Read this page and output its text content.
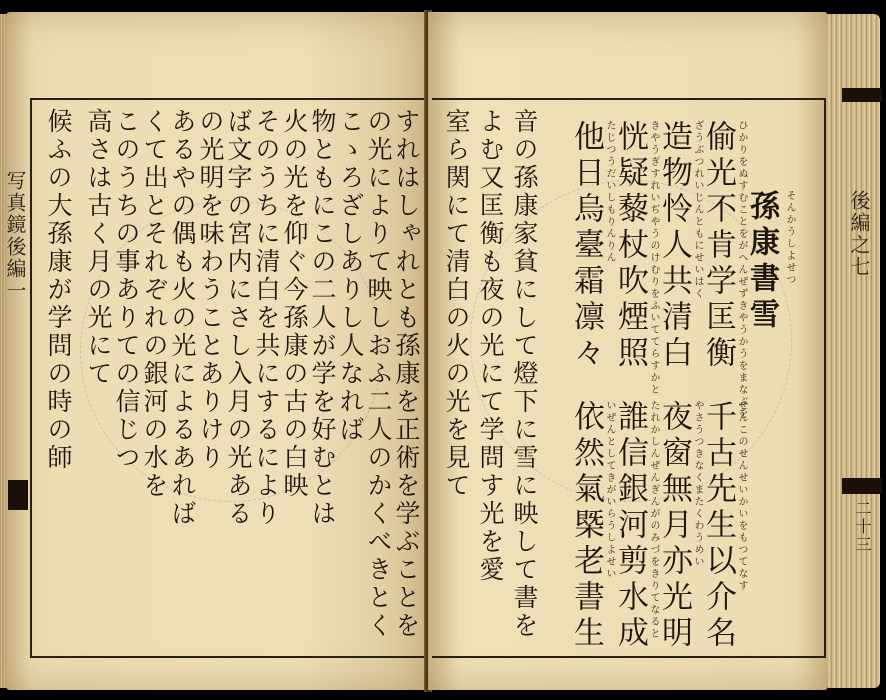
写真鏡後編一	すれはしゃれとも孫康を正術を学ぶことを
の光によりて映しおふ二人のかくべきとく
こゝろざしありし人なれば
物ともにこの二人が学を好むとは
火の光を仰ぐ今孫康の古の白映
そのうちに清白を共にするにより
ば文字の宮内にさし入月の光ある
の光明を味わうことありけり
あるやの偶も火の光によるあれば
くて出とそれぞれの銀河の水を
このうちの事ありての信じつ
高さは古く月の光にて
候ふの大孫康が学問の時の師	後編之七
二十三
孫康書雪 そんかうしよせつ
偷光不肯学匡衡 ひかりをぬすむことをがへんぜずきやうかうをまなぶを
造物怜人共清白 ざうぶつれいじんともにせいはく
恍疑藜杖吹煙照 きやうぎすれいぢやうのけむりをふいててらすかと
他日烏臺霜凛々 たじつうだいしもりんりん
千古先生以介名 せんこのせんせいかいをもつてなす
夜窗無月亦光明 やさうつきなくまたくわうめい
誰信銀河剪水成 たれかしんぜんぎんがのみづをきりてなると
依然氣槩老書生 いぜんとしてきがいらうしよせい
音の孫康家貧にして燈下に雪に映して書を
よむ又匡衡も夜の光にて学問す光を愛
室ら関にて清白の火の光を見て
